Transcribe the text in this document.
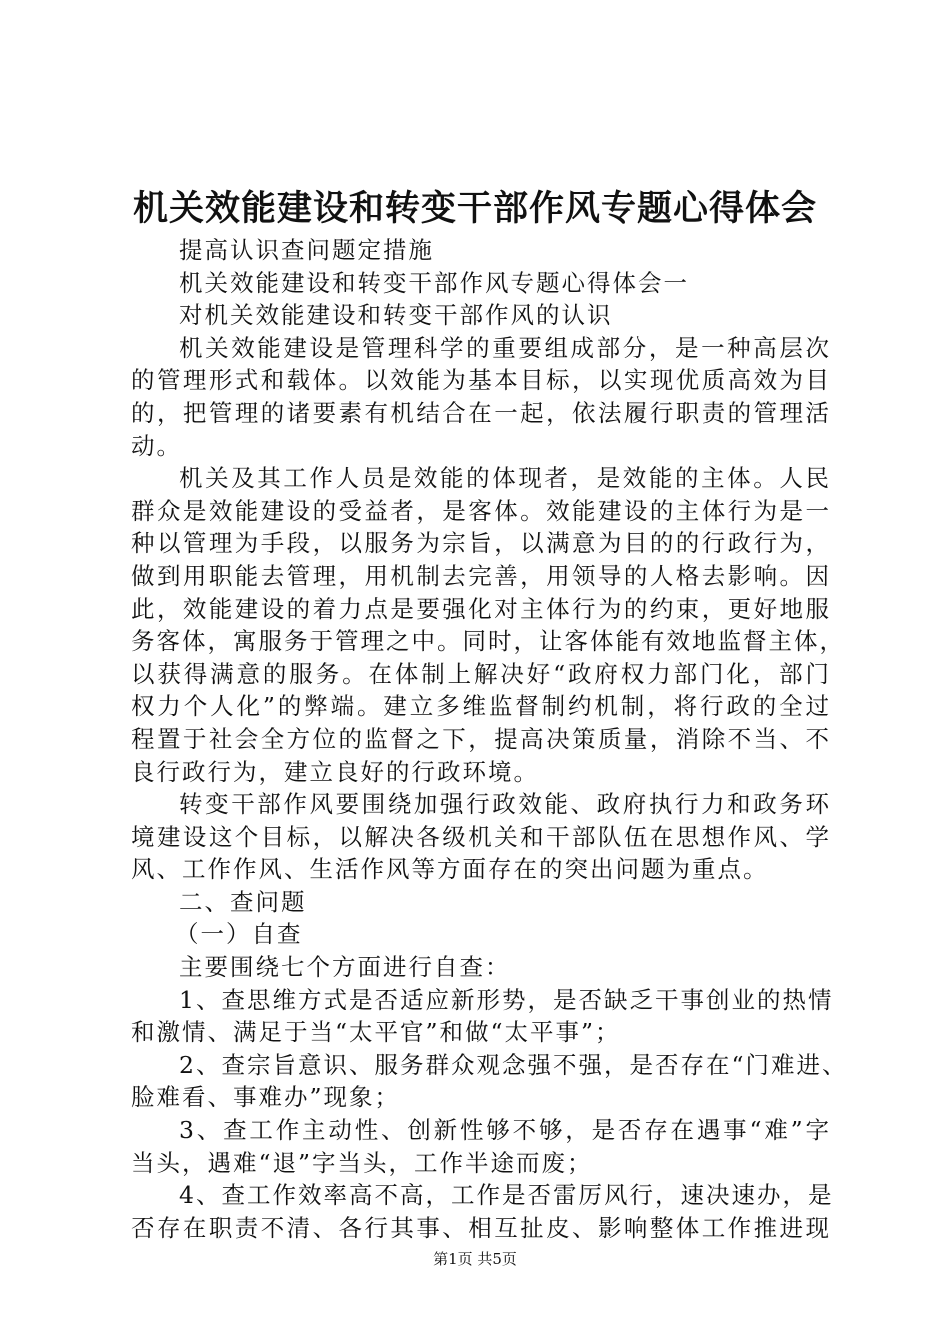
机关效能建设和转变干部作风专题心得体会
提高认识查问题定措施
机关效能建设和转变干部作风专题心得体会一
对机关效能建设和转变干部作风的认识
机关效能建设是管理科学的重要组成部分，是一种高层次
的管理形式和载体。以效能为基本目标，以实现优质高效为目
的，把管理的诸要素有机结合在一起，依法履行职责的管理活
动。
机关及其工作人员是效能的体现者，是效能的主体。人民
群众是效能建设的受益者，是客体。效能建设的主体行为是一
种以管理为手段，以服务为宗旨，以满意为目的的行政行为，
做到用职能去管理，用机制去完善，用领导的人格去影响。因
此，效能建设的着力点是要强化对主体行为的约束，更好地服
务客体，寓服务于管理之中。同时，让客体能有效地监督主体，
以获得满意的服务。在体制上解决好“政府权力部门化，部门
权力个人化”的弊端。建立多维监督制约机制，将行政的全过
程置于社会全方位的监督之下，提高决策质量，消除不当、不
良行政行为，建立良好的行政环境。
转变干部作风要围绕加强行政效能、政府执行力和政务环
境建设这个目标，以解决各级机关和干部队伍在思想作风、学
风、工作作风、生活作风等方面存在的突出问题为重点。
二、查问题
（一）自查
主要围绕七个方面进行自查：
1、查思维方式是否适应新形势，是否缺乏干事创业的热情
和激情、满足于当“太平官”和做“太平事”；
2、查宗旨意识、服务群众观念强不强，是否存在“门难进、
脸难看、事难办”现象；
3、查工作主动性、创新性够不够，是否存在遇事“难”字
当头，遇难“退”字当头，工作半途而废；
4、查工作效率高不高，工作是否雷厉风行，速决速办，是
否存在职责不清、各行其事、相互扯皮、影响整体工作推进现
第1页 共5页
